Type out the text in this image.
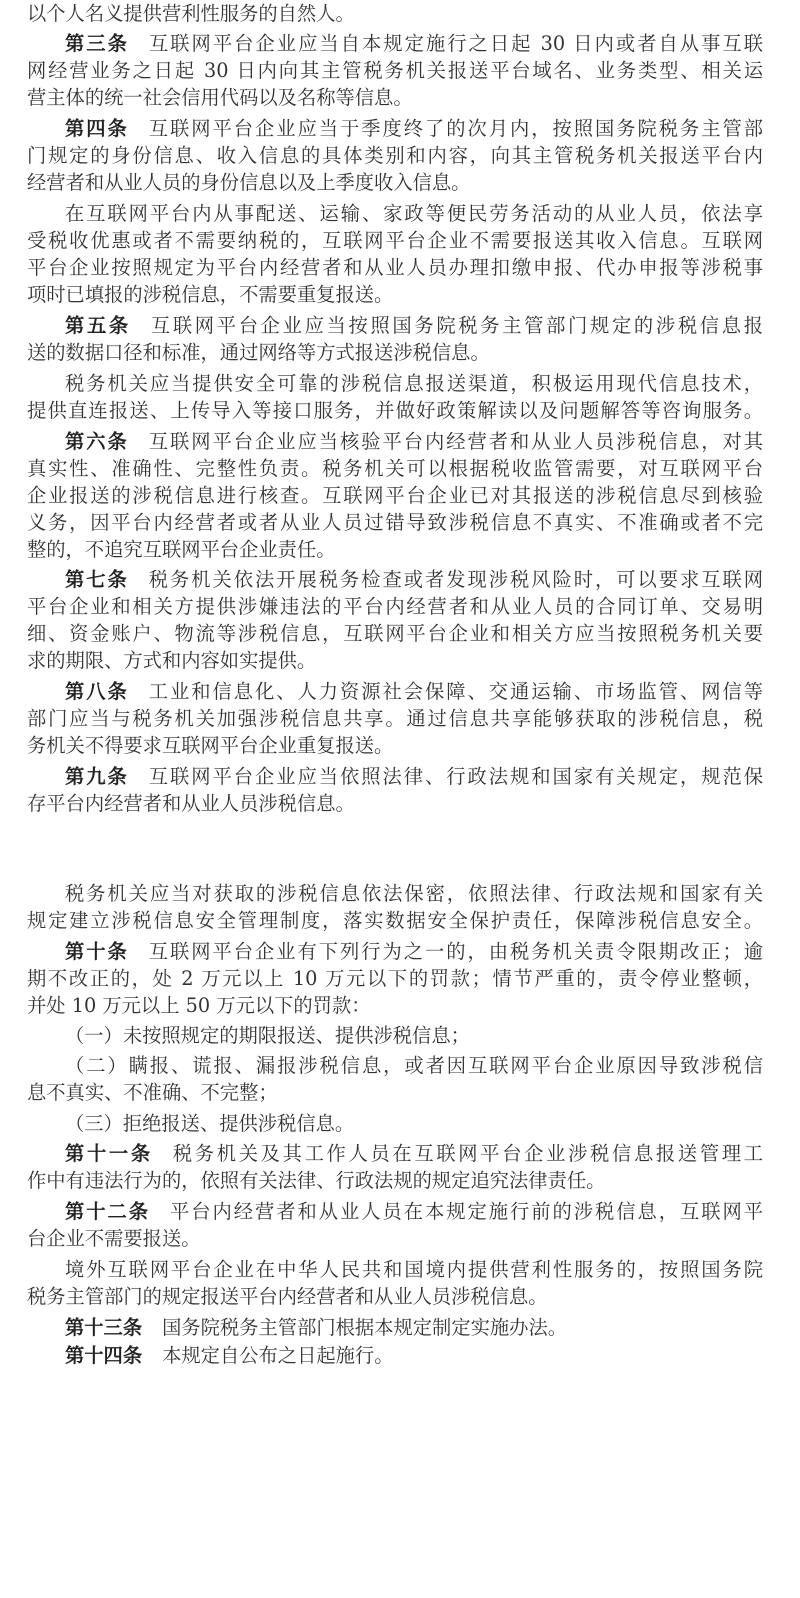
以个人名义提供营利性服务的自然人。
第三条 互联网平台企业应当自本规定施行之日起 30 日内或者自从事互联
网经营业务之日起 30 日内向其主管税务机关报送平台域名、业务类型、相关运
营主体的统一社会信用代码以及名称等信息。
第四条 互联网平台企业应当于季度终了的次月内，按照国务院税务主管部
门规定的身份信息、收入信息的具体类别和内容，向其主管税务机关报送平台内
经营者和从业人员的身份信息以及上季度收入信息。
在互联网平台内从事配送、运输、家政等便民劳务活动的从业人员，依法享
受税收优惠或者不需要纳税的，互联网平台企业不需要报送其收入信息。互联网
平台企业按照规定为平台内经营者和从业人员办理扣缴申报、代办申报等涉税事
项时已填报的涉税信息，不需要重复报送。
第五条 互联网平台企业应当按照国务院税务主管部门规定的涉税信息报
送的数据口径和标准，通过网络等方式报送涉税信息。
税务机关应当提供安全可靠的涉税信息报送渠道，积极运用现代信息技术，
提供直连报送、上传导入等接口服务，并做好政策解读以及问题解答等咨询服务。
第六条 互联网平台企业应当核验平台内经营者和从业人员涉税信息，对其
真实性、准确性、完整性负责。税务机关可以根据税收监管需要，对互联网平台
企业报送的涉税信息进行核查。互联网平台企业已对其报送的涉税信息尽到核验
义务，因平台内经营者或者从业人员过错导致涉税信息不真实、不准确或者不完
整的，不追究互联网平台企业责任。
第七条 税务机关依法开展税务检查或者发现涉税风险时，可以要求互联网
平台企业和相关方提供涉嫌违法的平台内经营者和从业人员的合同订单、交易明
细、资金账户、物流等涉税信息，互联网平台企业和相关方应当按照税务机关要
求的期限、方式和内容如实提供。
第八条 工业和信息化、人力资源社会保障、交通运输、市场监管、网信等
部门应当与税务机关加强涉税信息共享。通过信息共享能够获取的涉税信息，税
务机关不得要求互联网平台企业重复报送。
第九条 互联网平台企业应当依照法律、行政法规和国家有关规定，规范保
存平台内经营者和从业人员涉税信息。
税务机关应当对获取的涉税信息依法保密，依照法律、行政法规和国家有关
规定建立涉税信息安全管理制度，落实数据安全保护责任，保障涉税信息安全。
第十条 互联网平台企业有下列行为之一的，由税务机关责令限期改正；逾
期不改正的，处 2 万元以上 10 万元以下的罚款；情节严重的，责令停业整顿，
并处 10 万元以上 50 万元以下的罚款：
（一）未按照规定的期限报送、提供涉税信息；
（二）瞒报、谎报、漏报涉税信息，或者因互联网平台企业原因导致涉税信
息不真实、不准确、不完整；
（三）拒绝报送、提供涉税信息。
第十一条 税务机关及其工作人员在互联网平台企业涉税信息报送管理工
作中有违法行为的，依照有关法律、行政法规的规定追究法律责任。
第十二条 平台内经营者和从业人员在本规定施行前的涉税信息，互联网平
台企业不需要报送。
境外互联网平台企业在中华人民共和国境内提供营利性服务的，按照国务院
税务主管部门的规定报送平台内经营者和从业人员涉税信息。
第十三条 国务院税务主管部门根据本规定制定实施办法。
第十四条 本规定自公布之日起施行。
